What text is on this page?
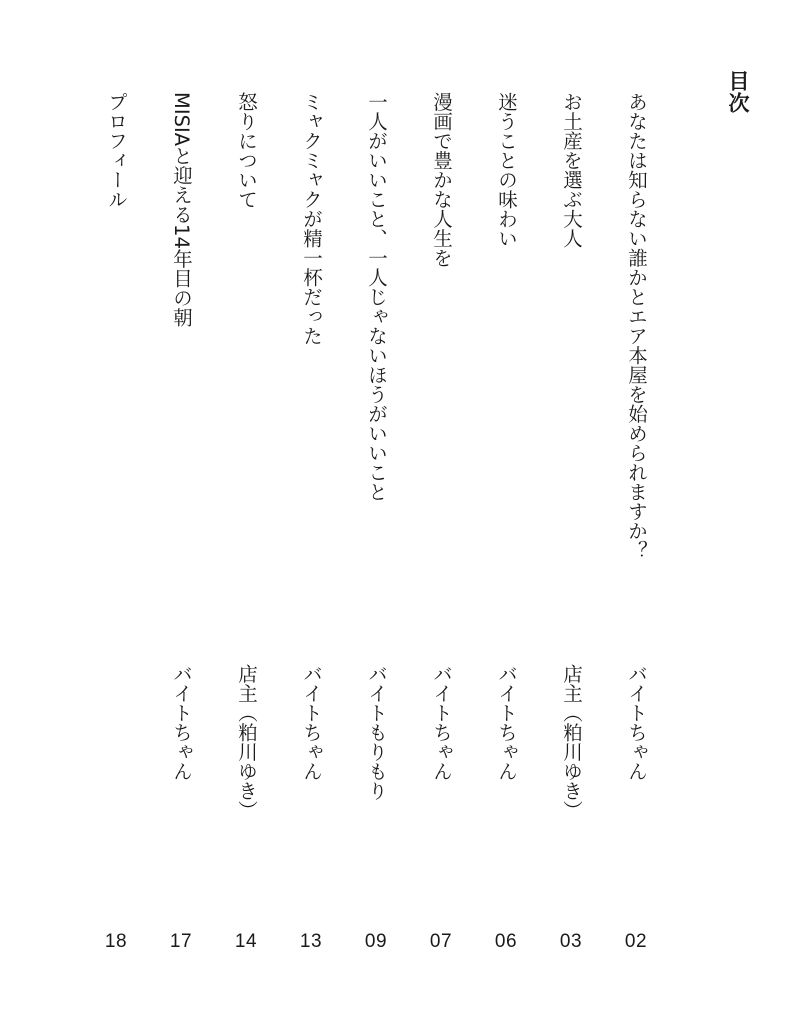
目次
あなたは知らない誰かとエア本屋を始められますか？
バイトちゃん
02
お土産を選ぶ大人
店主（粕川ゆき）
03
迷うことの味わい
バイトちゃん
06
漫画で豊かな人生を
バイトちゃん
07
一人がいいこと、一人じゃないほうがいいこと
バイトもりもり
09
ミャクミャクが精一杯だった
バイトちゃん
13
怒りについて
店主（粕川ゆき）
14
MISIAと迎える14年目の朝
バイトちゃん
17
プロフィール
18
